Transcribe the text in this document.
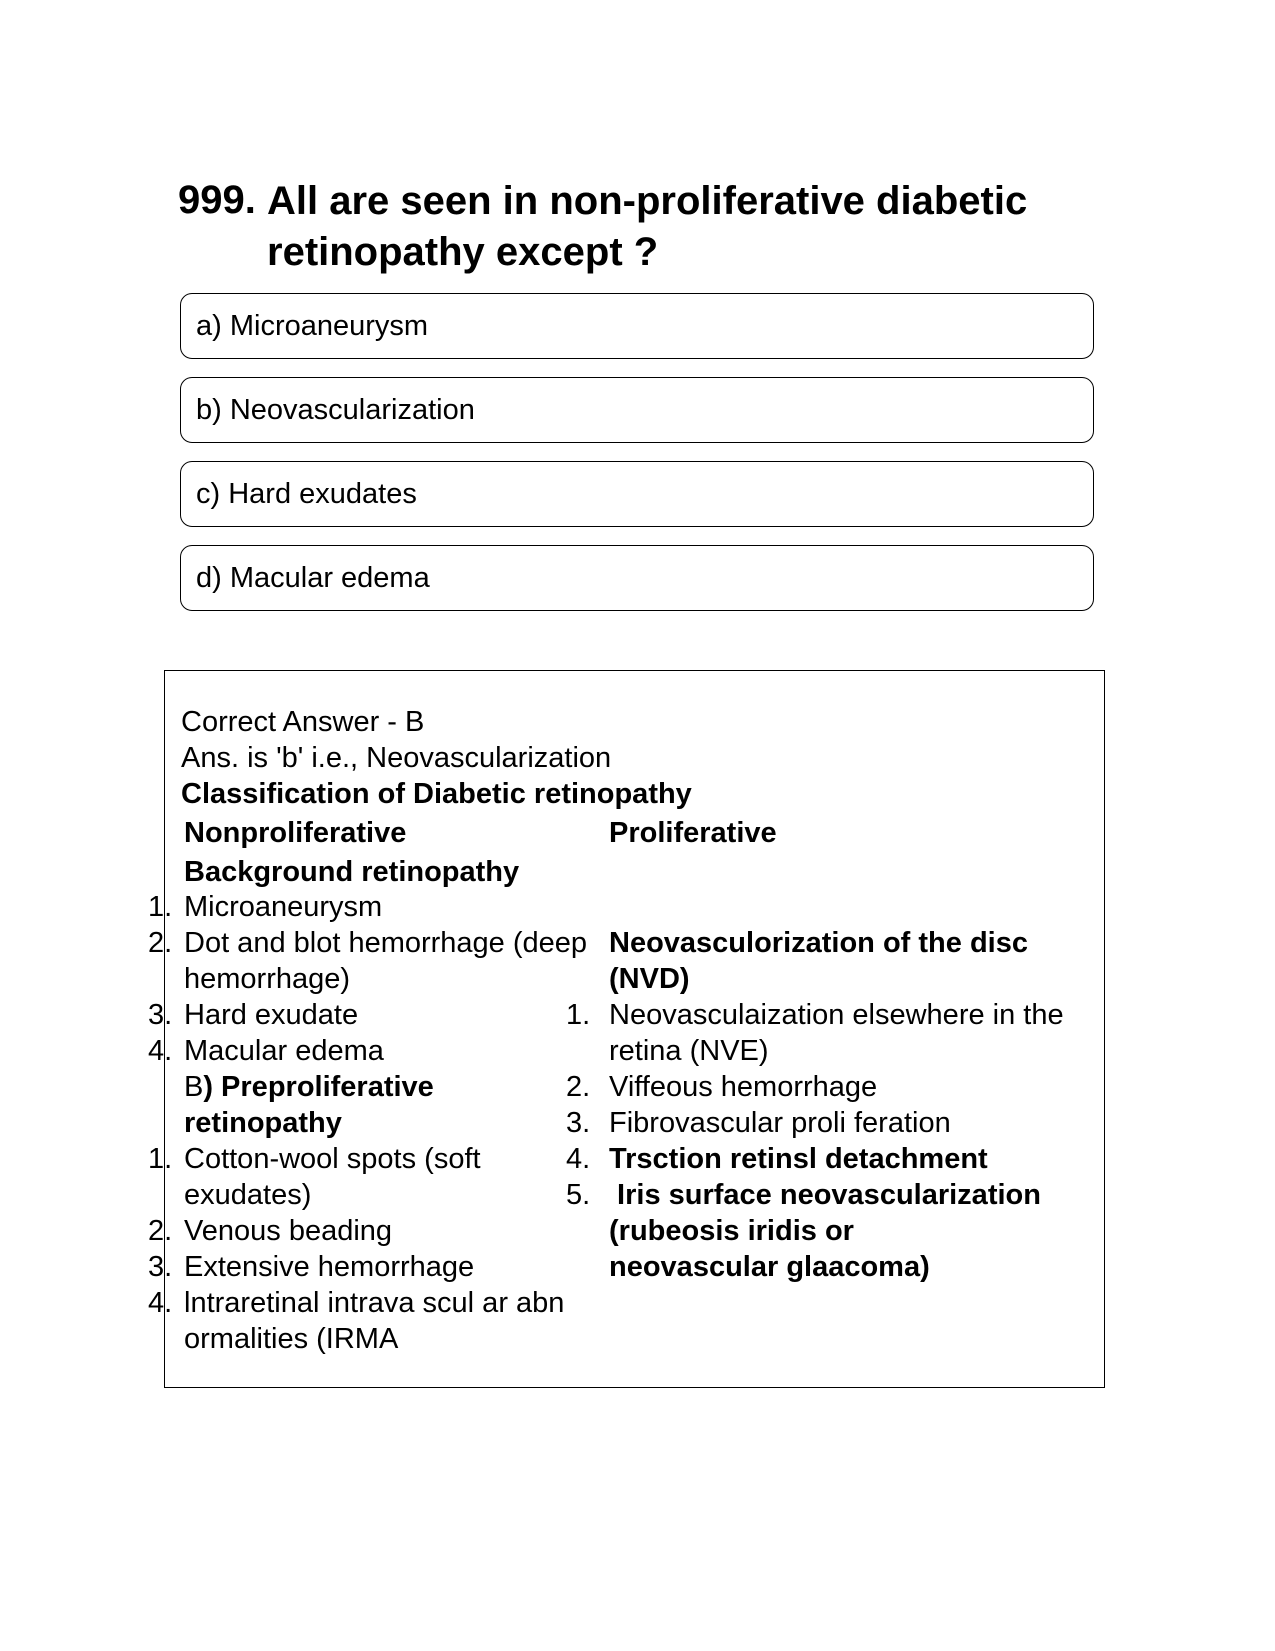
999. All are seen in non-proliferative diabetic
retinopathy except ?
a) Microaneurysm
b) Neovascularization
c) Hard exudates
d) Macular edema
Correct Answer - B
Ans. is 'b' i.e., Neovascularization
Classification of Diabetic retinopathy
Nonproliferative	Proliferative
Background retinopathy
1. Microaneurysm
2. Dot and blot hemorrhage (deep
hemorrhage)
3. Hard exudate
4. Macular edema
B) Preproliferative
retinopathy
1. Cotton-wool spots (soft
exudates)
2. Venous beading
3. Extensive hemorrhage
4. lntraretinal intrava scul ar abn
ormalities (IRMA
Neovasculorization of the disc
(NVD)
1. Neovasculaization elsewhere in the
retina (NVE)
2. Viffeous hemorrhage
3. Fibrovascular proli feration
4. Trsction retinsl detachment
5. Iris surface neovascularization
(rubeosis iridis or
neovascular glaacoma)
